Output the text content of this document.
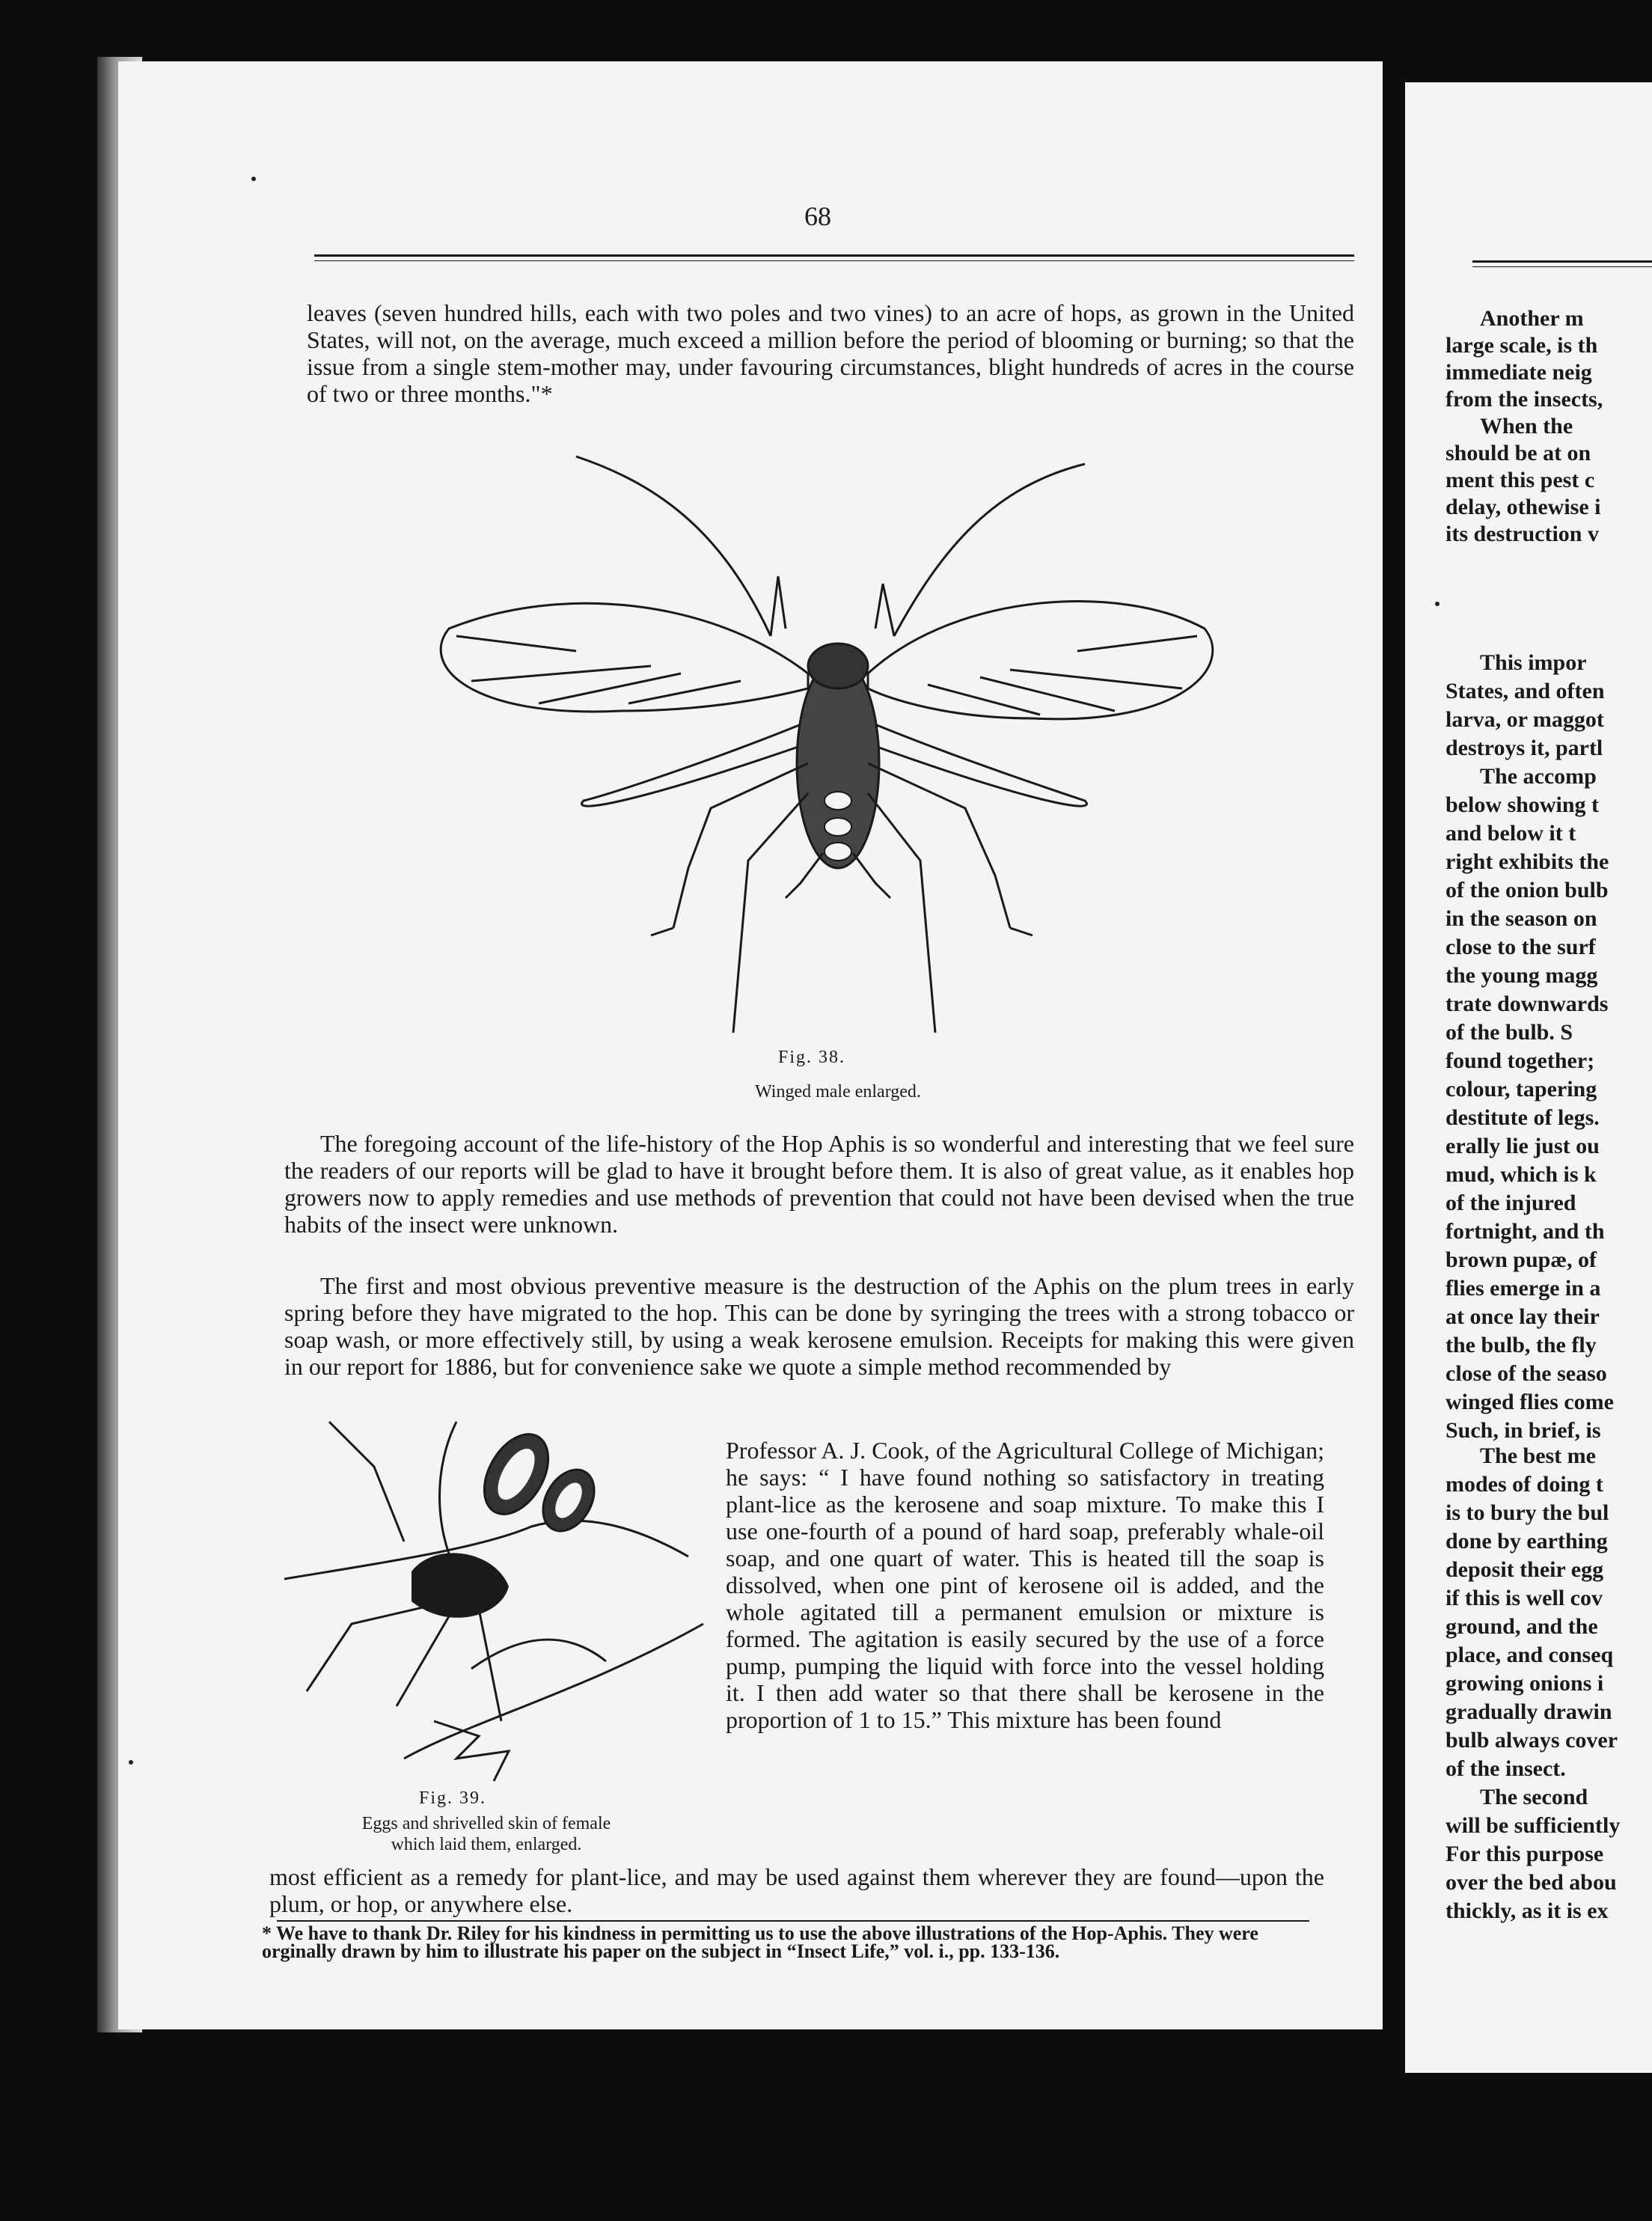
Another m
large scale, is th
immediate neig
from the insects,
When the
should be at on
ment this pest c
delay, othewise i
its destruction v
This impor
States, and often
larva, or maggot
destroys it, partl
The accomp
below showing t
and below it t
right exhibits the
of the onion bulb
in the season on
close to the surf
the young magg
trate downwards
of the bulb. S
found together;
colour, tapering
destitute of legs.
erally lie just ou
mud, which is k
of the injured
fortnight, and th
brown pupæ, of
flies emerge in a
at once lay their
the bulb, the fly
close of the seaso
winged flies come
Such, in brief, is
The best me
modes of doing t
is to bury the bul
done by earthing
deposit their egg
if this is well cov
ground, and the
place, and conseq
growing onions i
gradually drawin
bulb always cover
of the insect.
The second
will be sufficiently
For this purpose
over the bed abou
thickly, as it is ex
68

leaves (seven hundred hills, each with two poles and two vines) to an acre of hops, as grown in the United States, will not, on the average, much exceed a million before the period of blooming or burning; so that the issue from a single stem-mother may, under favouring circumstances, blight hundreds of acres in the course of two or three months."*

Fig. 38.
Winged male enlarged.

The foregoing account of the life-history of the Hop Aphis is so wonderful and interesting that we feel sure the readers of our reports will be glad to have it brought before them. It is also of great value, as it enables hop growers now to apply remedies and use methods of prevention that could not have been devised when the true habits of the insect were unknown.

The first and most obvious preventive measure is the destruction of the Aphis on the plum trees in early spring before they have migrated to the hop. This can be done by syringing the trees with a strong tobacco or soap wash, or more effectively still, by using a weak kerosene emulsion. Receipts for making this were given in our report for 1886, but for convenience sake we quote a simple method recommended by

Fig. 39.
Eggs and shrivelled skin of female
which laid them, enlarged.

Professor A. J. Cook, of the Agricultural College of Michigan; he says: “ I have found nothing so satisfactory in treating plant-lice as the kerosene and soap mixture. To make this I use one-fourth of a pound of hard soap, preferably whale-oil soap, and one quart of water. This is heated till the soap is dissolved, when one pint of kerosene oil is added, and the whole agitated till a permanent emulsion or mixture is formed. The agitation is easily secured by the use of a force pump, pumping the liquid with force into the vessel holding it. I then add water so that there shall be kerosene in the proportion of 1 to 15.” This mixture has been found

most efficient as a remedy for plant-lice, and may be used against them wherever they are found—upon the plum, or hop, or anywhere else.

* We have to thank Dr. Riley for his kindness in permitting us to use the above illustrations of the Hop-Aphis. They were orginally drawn by him to illustrate his paper on the subject in “Insect Life,” vol. i., pp. 133-136.
